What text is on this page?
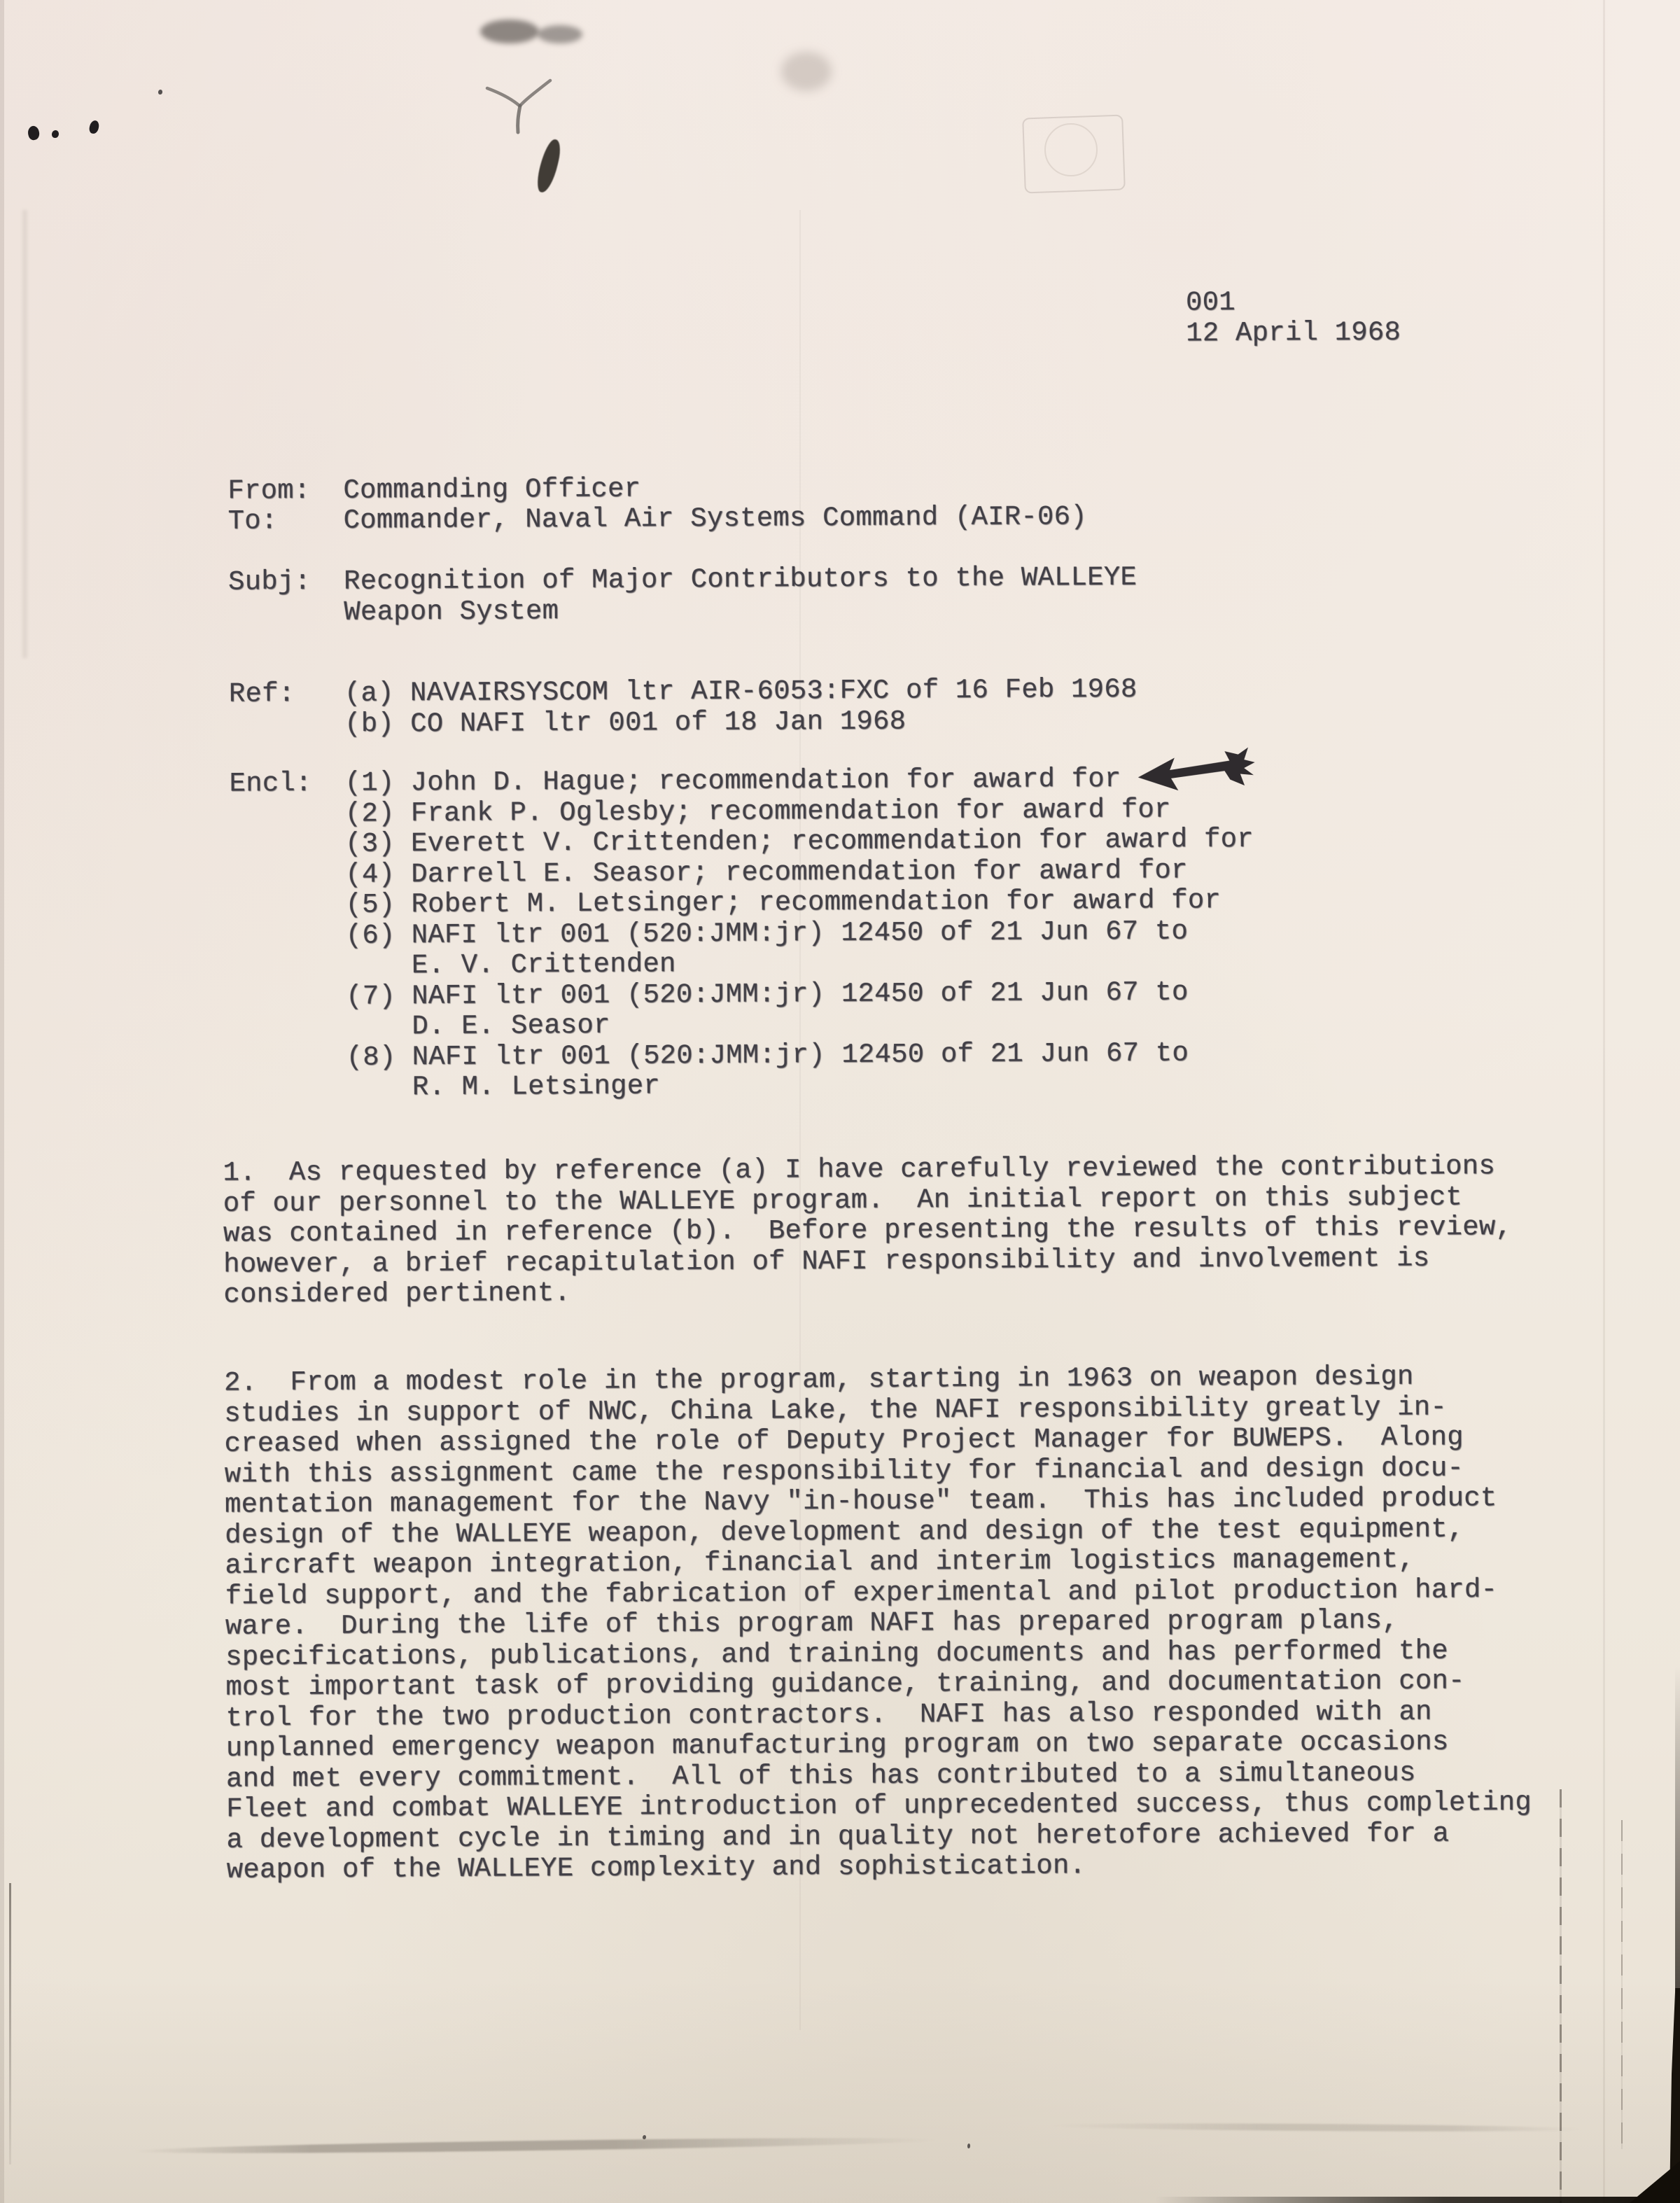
001
12 April 1968
From:	Commanding Officer
To:	Commander, Naval Air Systems Command (AIR-06)
Subj:	Recognition of Major Contributors to the WALLEYE
Weapon System
Ref:	(a) NAVAIRSYSCOM ltr AIR-6053:FXC of 16 Feb 1968
(b) CO NAFI ltr 001 of 18 Jan 1968
Encl:	(1) John D. Hague; recommendation for award for
(2) Frank P. Oglesby; recommendation for award for
(3) Everett V. Crittenden; recommendation for award for
(4) Darrell E. Seasor; recommendation for award for
(5) Robert M. Letsinger; recommendation for award for
(6) NAFI ltr 001 (520:JMM:jr) 12450 of 21 Jun 67 to
E. V. Crittenden
(7) NAFI ltr 001 (520:JMM:jr) 12450 of 21 Jun 67 to
D. E. Seasor
(8) NAFI ltr 001 (520:JMM:jr) 12450 of 21 Jun 67 to
R. M. Letsinger
1.  As requested by reference (a) I have carefully reviewed the contributions
of our personnel to the WALLEYE program.  An initial report on this subject
was contained in reference (b).  Before presenting the results of this review,
however, a brief recapitulation of NAFI responsibility and involvement is
considered pertinent.
2.  From a modest role in the program, starting in 1963 on weapon design
studies in support of NWC, China Lake, the NAFI responsibility greatly in-
creased when assigned the role of Deputy Project Manager for BUWEPS.  Along
with this assignment came the responsibility for financial and design docu-
mentation management for the Navy "in-house" team.  This has included product
design of the WALLEYE weapon, development and design of the test equipment,
aircraft weapon integration, financial and interim logistics management,
field support, and the fabrication of experimental and pilot production hard-
ware.  During the life of this program NAFI has prepared program plans,
specifications, publications, and training documents and has performed the
most important task of providing guidance, training, and documentation con-
trol for the two production contractors.  NAFI has also responded with an
unplanned emergency weapon manufacturing program on two separate occasions
and met every commitment.  All of this has contributed to a simultaneous
Fleet and combat WALLEYE introduction of unprecedented success, thus completing
a development cycle in timing and in quality not heretofore achieved for a
weapon of the WALLEYE complexity and sophistication.
